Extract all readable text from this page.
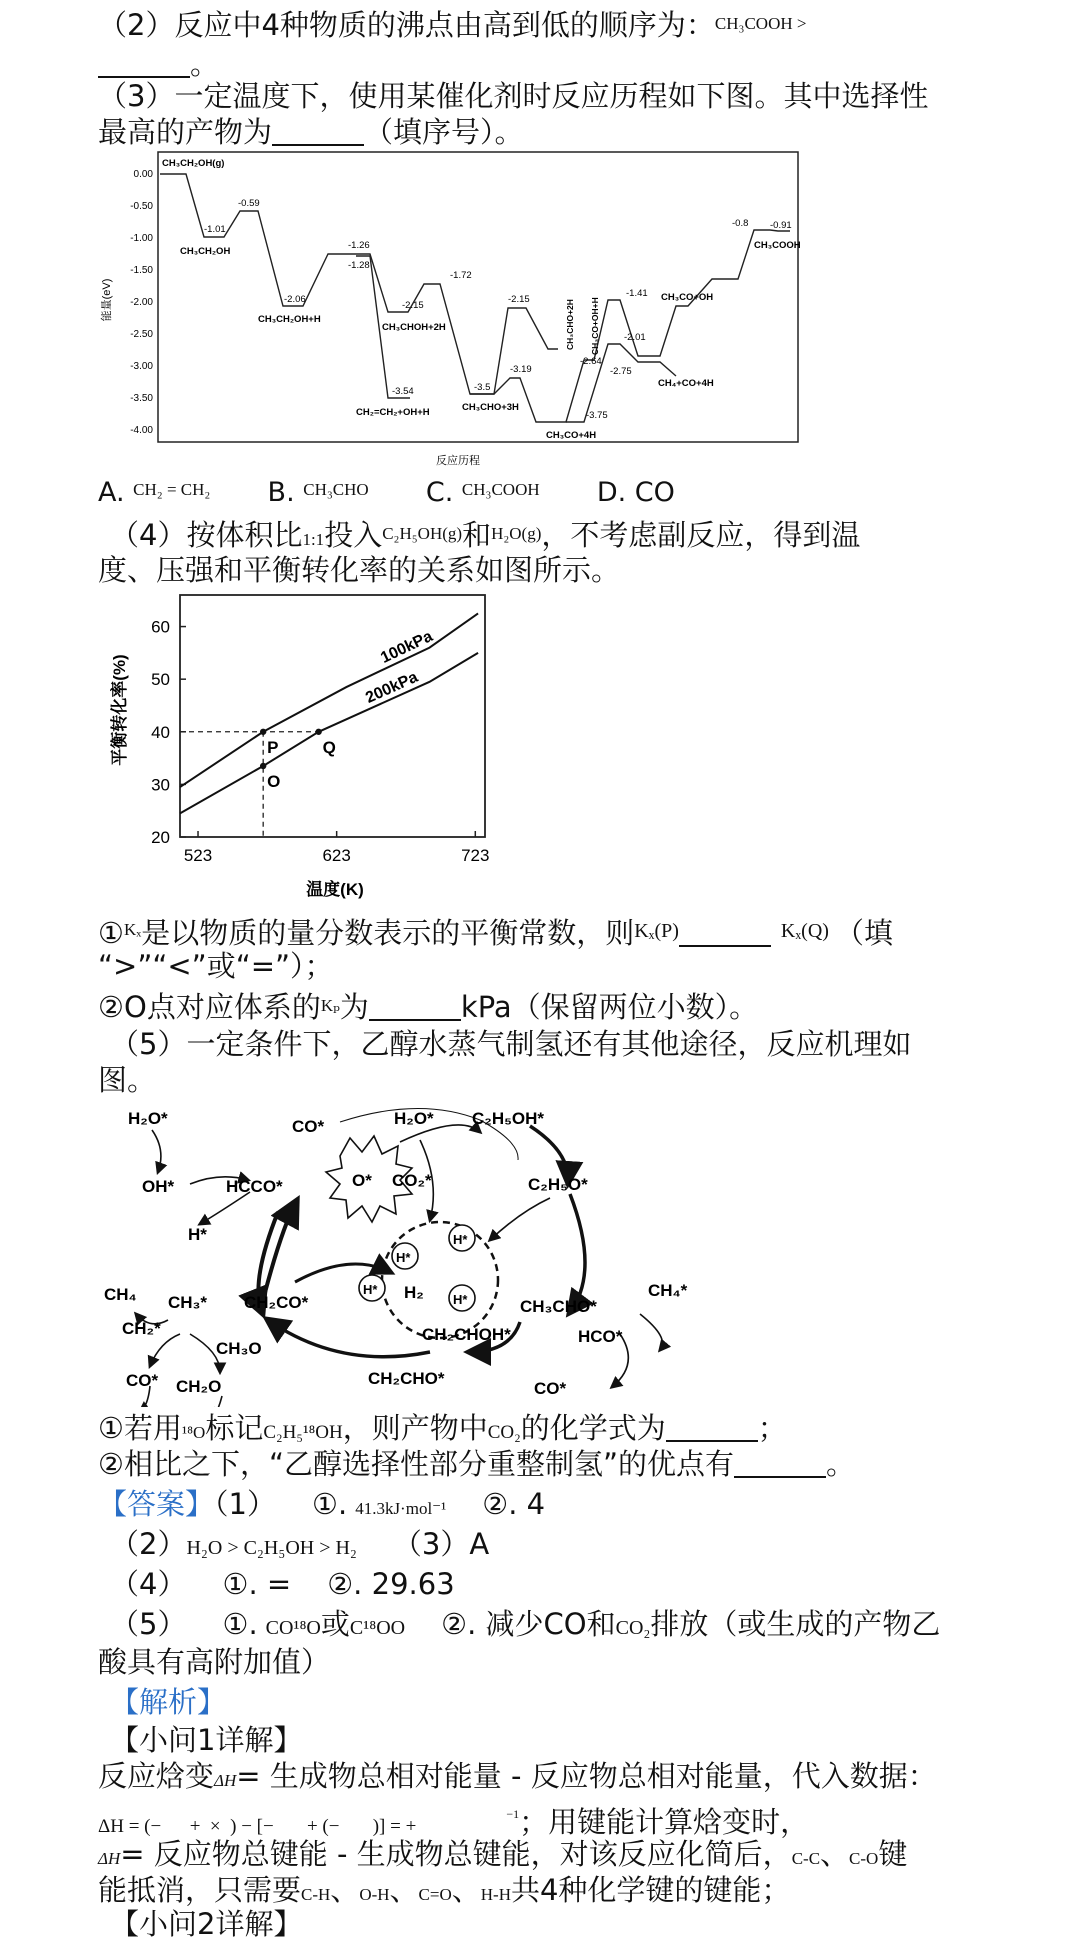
（2）反应中4种物质的沸点由高到低的顺序为：$^{CH_3COOH >}$
。
（3）一定温度下，使用某催化剂时反应历程如下图。其中选择性
最高的产物为	（填序号）。
0.00
-0.50
-1.00
-1.50
-2.00
-2.50
-3.00
-3.50
-4.00
能量(eV)
反应历程
CH₃CH₂OH(g)
CH₃CH₂OH
CH₃CH₂OH+H
CH₃CHOH+2H
CH₂=CH₂+OH+H	CH₃CHO+3H
CH₃CHO+2H CH₃CO+OH+H
CH₃CO+4H
CH₃CO+OH
CH₄+CO+4H
CH₃COOH
-1.01
-0.59
-2.06
-1.26
-1.28
-2.15
-1.72
-3.54
-2.15
-3.5
-3.19
-2.64
-2.75
-3.75
-1.41
-2.01
-0.8 -0.91
A. $^{CH_2 = CH_2}$ B. $^{CH_3CHO}$ C. $^{CH_3COOH}$ D. CO
（4）按体积比1:1投入$^{C_2H_5OH(g)}$和$^{H_2O(g)}$，不考虑副反应，得到温
度、压强和平衡转化率的关系如图所示。
平衡转化率(%)
温度(K)
20
30
40
50
60
523	623	723
100kPa
200kPa
P	Q
O
①$^{K_x}$是以物质的量分数表示的平衡常数，则$^{K_x(P)}$	$^{K_x(Q)}$ （填
“>”“<”或“=”）；
②O点对应体系的$^{K_p}$为	kPa（保留两位小数）。
（5）一定条件下，乙醇水蒸气制氢还有其他途径，反应机理如
图。
H₂O*
OH*	HCCO*
CO*
O* CO₂*
H₂O* C₂H₅OH*
C₂H₅O*
H*
H*
H*
H*
H*
H₂
CH₄ CH₃*
CH₂*
CH₂CO*
CH₃O
CO* CH₂O
CH₃CHO*
CH₄*
CH₂CHOH*	HCO*
CH₂CHO*
CO*
①若用¹⁸O标记C₂H₅¹⁸OH，则产物中CO₂的化学式为	；
②相比之下，“乙醇选择性部分重整制氢”的优点有	。
【答案】（1） ①. 41.3kJ·mol⁻¹ ②. 4
（2）H₂O > C₂H₅OH > H₂ （3）A
（4） ①. = ②. 29.63
（5） ①. CO¹⁸O或C¹⁸OO ②. 减少CO和CO₂排放（或生成的产物乙
酸具有高附加值）
【解析】
【小问1详解】
反应焓变ΔH= 生成物总相对能量 - 反应物总相对能量，代入数据：
ΔH = (−      +  ×  ) − [−       + (−       )] = +$^{-1}$；用键能计算焓变时，
ΔH= 反应物总键能 - 生成物总键能，对该反应化简后，C-C、C-O键
能抵消，只需要C-H、O-H、C=O、H-H共4种化学键的键能；
【小问2详解】
